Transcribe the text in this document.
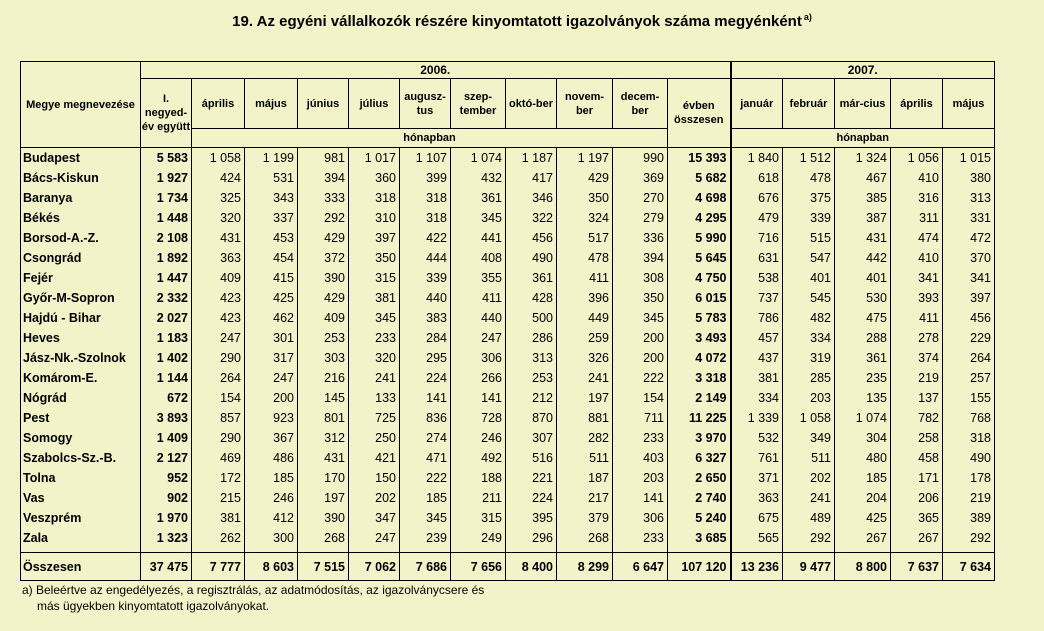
19. Az egyéni vállalkozók részére kinyomtatott igazolványok száma megyénként $^{a)}$
Megye megnevezése	2006.											2007.				
	I. negyed-év együtt	április	május	június	július	augusz-tus	szep-tember	októ-ber	novem-ber	decem-ber	évben összesen	január	február	már-cius	április	május
		hónapban										hónapban				
Budapest	5 583	1 058	1 199	981	1 017	1 107	1 074	1 187	1 197	990	15 393	1 840	1 512	1 324	1 056	1 015
Bács-Kiskun	1 927	424	531	394	360	399	432	417	429	369	5 682	618	478	467	410	380
Baranya	1 734	325	343	333	318	318	361	346	350	270	4 698	676	375	385	316	313
Békés	1 448	320	337	292	310	318	345	322	324	279	4 295	479	339	387	311	331
Borsod-A.-Z.	2 108	431	453	429	397	422	441	456	517	336	5 990	716	515	431	474	472
Csongrád	1 892	363	454	372	350	444	408	490	478	394	5 645	631	547	442	410	370
Fejér	1 447	409	415	390	315	339	355	361	411	308	4 750	538	401	401	341	341
Győr-M-Sopron	2 332	423	425	429	381	440	411	428	396	350	6 015	737	545	530	393	397
Hajdú - Bihar	2 027	423	462	409	345	383	440	500	449	345	5 783	786	482	475	411	456
Heves	1 183	247	301	253	233	284	247	286	259	200	3 493	457	334	288	278	229
Jász-Nk.-Szolnok	1 402	290	317	303	320	295	306	313	326	200	4 072	437	319	361	374	264
Komárom-E.	1 144	264	247	216	241	224	266	253	241	222	3 318	381	285	235	219	257
Nógrád	672	154	200	145	133	141	141	212	197	154	2 149	334	203	135	137	155
Pest	3 893	857	923	801	725	836	728	870	881	711	11 225	1 339	1 058	1 074	782	768
Somogy	1 409	290	367	312	250	274	246	307	282	233	3 970	532	349	304	258	318
Szabolcs-Sz.-B.	2 127	469	486	431	421	471	492	516	511	403	6 327	761	511	480	458	490
Tolna	952	172	185	170	150	222	188	221	187	203	2 650	371	202	185	171	178
Vas	902	215	246	197	202	185	211	224	217	141	2 740	363	241	204	206	219
Veszprém	1 970	381	412	390	347	345	315	395	379	306	5 240	675	489	425	365	389
Zala	1 323	262	300	268	247	239	249	296	268	233	3 685	565	292	267	267	292
Összesen	37 475	7 777	8 603	7 515	7 062	7 686	7 656	8 400	8 299	6 647	107 120	13 236	9 477	8 800	7 637	7 634
a) Beleértve az engedélyezés, a regisztrálás, az adatmódosítás, az igazolványcsere és
más ügyekben kinyomtatott igazolványokat.
